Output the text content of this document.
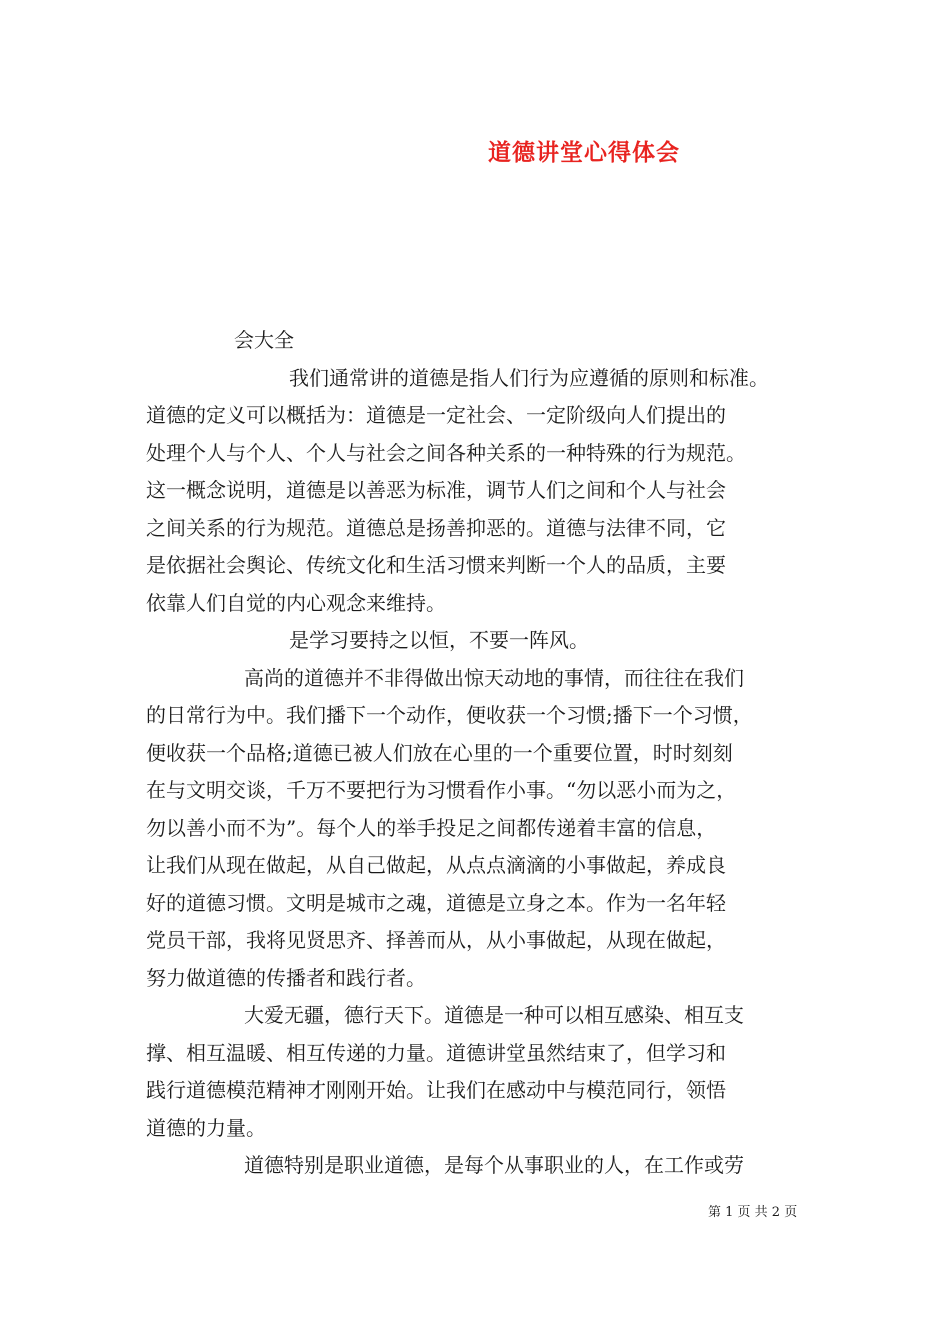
道德讲堂心得体会
会大全
我们通常讲的道德是指人们行为应遵循的原则和标准。
道德的定义可以概括为：道德是一定社会、一定阶级向人们提出的
处理个人与个人、个人与社会之间各种关系的一种特殊的行为规范。
这一概念说明，道德是以善恶为标准，调节人们之间和个人与社会
之间关系的行为规范。道德总是扬善抑恶的。道德与法律不同，它
是依据社会舆论、传统文化和生活习惯来判断一个人的品质，主要
依靠人们自觉的内心观念来维持。
是学习要持之以恒，不要一阵风。
高尚的道德并不非得做出惊天动地的事情，而往往在我们
的日常行为中。我们播下一个动作，便收获一个习惯;播下一个习惯，
便收获一个品格;道德已被人们放在心里的一个重要位置，时时刻刻
在与文明交谈，千万不要把行为习惯看作小事。“勿以恶小而为之，
勿以善小而不为”。每个人的举手投足之间都传递着丰富的信息，
让我们从现在做起，从自己做起，从点点滴滴的小事做起，养成良
好的道德习惯。文明是城市之魂，道德是立身之本。作为一名年轻
党员干部，我将见贤思齐、择善而从，从小事做起，从现在做起，
努力做道德的传播者和践行者。
大爱无疆，德行天下。道德是一种可以相互感染、相互支
撑、相互温暖、相互传递的力量。道德讲堂虽然结束了，但学习和
践行道德模范精神才刚刚开始。让我们在感动中与模范同行，领悟
道德的力量。
道德特别是职业道德，是每个从事职业的人，在工作或劳
第 1 页 共 2 页
